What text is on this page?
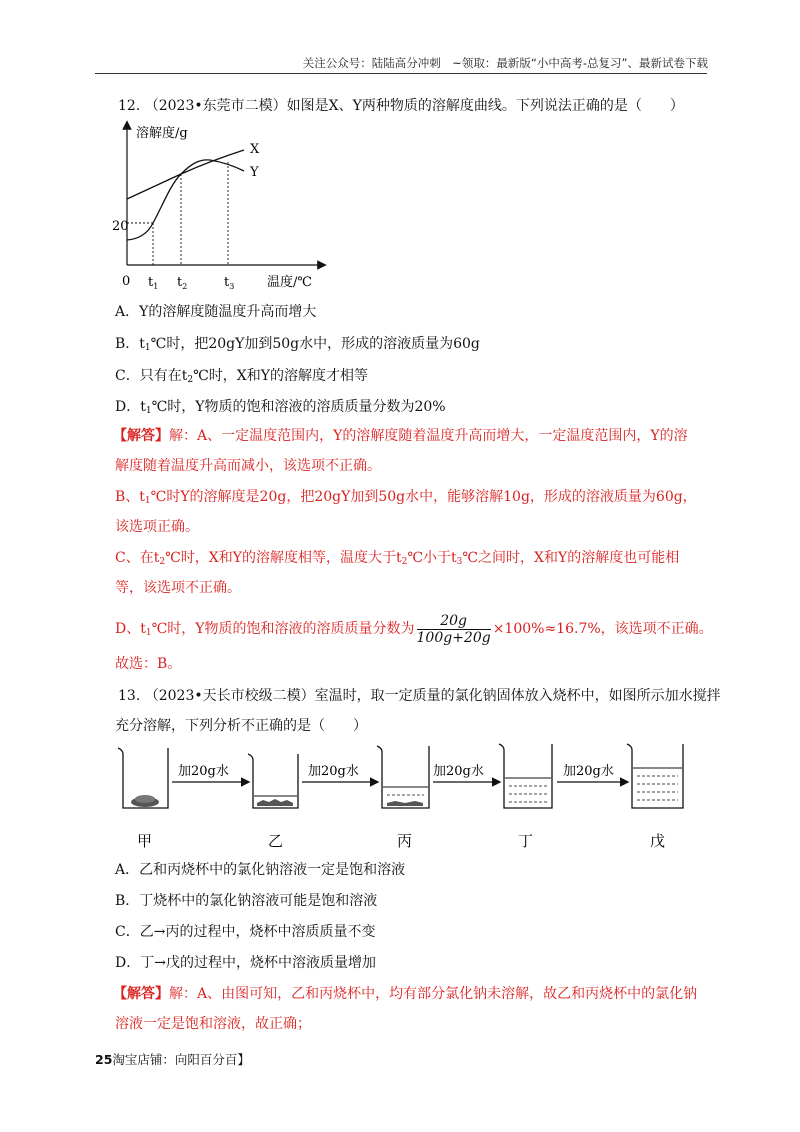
关注公众号：陆陆高分冲刺　~领取：最新版“小中高考-总复习”、最新试卷下载
12. （2023•东莞市二模）如图是X、Y两种物质的溶解度曲线。下列说法正确的是（　　）
溶解度/g
温度/℃
0
20
$t_1$ $t_2$	$t_3$
X
Y
A．Y的溶解度随温度升高而增大
B．$t_1℃$时，把20gY加到50g水中，形成的溶液质量为60g
C．只有在$t_2℃$时，X和Y的溶解度才相等
D．$t_1℃$时，Y物质的饱和溶液的溶质质量分数为20%
【解答】解：A、一定温度范围内，Y的溶解度随着温度升高而增大，一定温度范围内，Y的溶
解度随着温度升高而减小，该选项不正确。
B、$t_1℃$时Y的溶解度是20g，把20gY加到50g水中，能够溶解10g，形成的溶液质量为60g，
该选项正确。
C、在$t_2℃$时，X和Y的溶解度相等，温度大于$t_2℃$小于$t_3℃$之间时，X和Y的溶解度也可能相
等，该选项不正确。
D、$t_1℃$时，Y物质的饱和溶液的溶质质量分数为 $\frac{20g}{100g+20g} \times 100\%\approx 16.7\%$，该选项不正确。
故选：B。
13. （2023•天长市校级二模）室温时，取一定质量的氯化钠固体放入烧杯中，如图所示加水搅拌
充分溶解，下列分析不正确的是（　　）
加20g水	加20g水	加20g水	加20g水
甲	乙	丙	丁	戊
A．乙和丙烧杯中的氯化钠溶液一定是饱和溶液
B．丁烧杯中的氯化钠溶液可能是饱和溶液
C．乙→丙的过程中，烧杯中溶质质量不变
D．丁→戊的过程中，烧杯中溶液质量增加
【解答】解：A、由图可知，乙和丙烧杯中，均有部分氯化钠未溶解，故乙和丙烧杯中的氯化钠
溶液一定是饱和溶液，故正确；
25淘宝店铺：向阳百分百】
